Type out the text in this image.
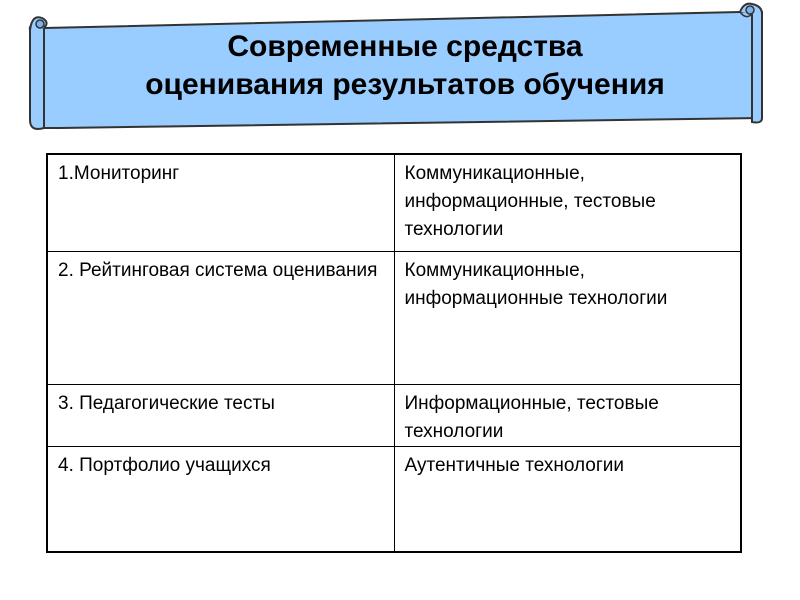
Современные средства
оценивания результатов обучения
1.Мониторинг	Коммуникационные, информационные, тестовые технологии
2. Рейтинговая система оценивания	Коммуникационные, информационные технологии
3. Педагогические тесты	Информационные, тестовые технологии
4. Портфолио учащихся	Аутентичные технологии
